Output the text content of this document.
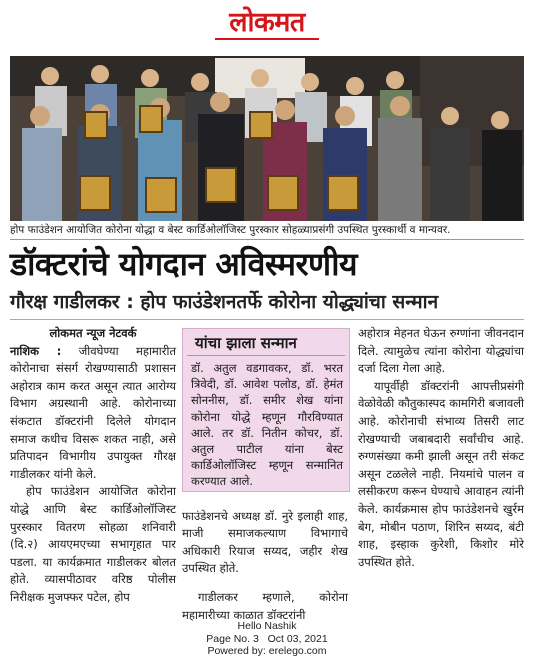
लोकमत
होप फाउंडेशन आयोजित कोरोना योद्धा व बेस्ट कार्डिओलॉजिस्ट पुरस्कार सोहळ्याप्रसंगी उपस्थित पुरस्कार्थी व मान्यवर.
डॉक्टरांचे योगदान अविस्मरणीय
गौरक्ष गाडीलकर : होप फाउंडेशनतर्फे कोरोना योद्ध्यांचा सन्मान
लोकमत न्यूज नेटवर्क

नाशिक : जीवघेण्या महामारीत कोरोनाचा संसर्ग रोखण्यासाठी प्रशासन अहोरात्र काम करत असून त्यात आरोग्य विभाग अग्रस्थानी आहे. कोरोनाच्या संकटात डॉक्टरांनी दिलेले योगदान समाज कधीच विसरू शकत नाही, असे प्रतिपादन विभागीय उपायुक्त गौरक्ष गाडीलकर यांनी केले.

होप फाउंडेशन आयोजित कोरोना योद्धे आणि बेस्ट कार्डिओलॉजिस्ट पुरस्कार वितरण सोहळा शनिवारी (दि.२) आयएमएच्या सभागृहात पार पडला. या कार्यक्रमात गाडीलकर बोलत होते. व्यासपीठावर वरिष्ठ पोलीस निरीक्षक मुजफ्फर पटेल, होप

यांचा झाला सन्मान
डॉ. अतुल वडगावकर, डॉ. भरत त्रिवेदी, डॉ. आवेश पलोड, डॉ. हेमंत सोननीस, डॉ. समीर शेख यांना कोरोना योद्धे म्हणून गौरविण्यात आले. तर डॉ. नितीन कोचर, डॉ. अतुल पाटील यांना बेस्ट कार्डिओलॉजिस्ट म्हणून सन्मानित करण्यात आले.

फाउंडेशनचे अध्यक्ष डॉ. नुरे इलाही शाह, माजी समाजकल्याण विभागाचे अधिकारी रियाज सय्यद, जहीर शेख उपस्थित होते.

गाडीलकर म्हणाले, कोरोना महामारीच्या काळात डॉक्टरांनी

अहोरात्र मेहनत घेऊन रुग्णांना जीवनदान दिले. त्यामुळेच त्यांना कोरोना योद्ध्यांचा दर्जा दिला गेला आहे.

यापूर्वीही डॉक्टरांनी आपत्तीप्रसंगी वेळोवेळी कौतुकास्पद कामगिरी बजावली आहे. कोरोनाची संभाव्य तिसरी लाट रोखण्याची जबाबदारी सर्वांचीच आहे. रुग्णसंख्या कमी झाली असून तरी संकट असून टळलेले नाही. नियमांचे पालन व लसीकरण करून घेण्याचे आवाहन त्यांनी केले. कार्यक्रमास होप फाउंडेशनचे खुर्रम बेग, मोबीन पठाण, शिरिन सय्यद, बंटी शाह, इस्हाक कुरेशी, किशोर मोरे उपस्थित होते.

Hello Nashik
Page No. 3   Oct 03, 2021
Powered by: erelego.com
